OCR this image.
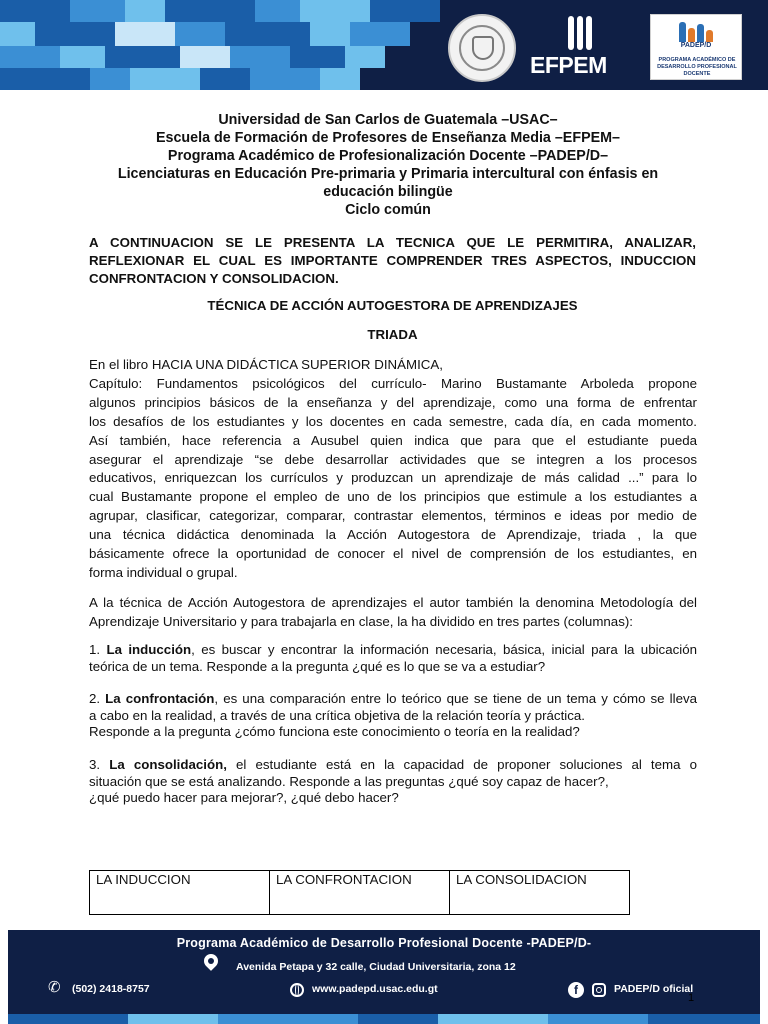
EFPEM
PADEP/D
PROGRAMA ACADÉMICO DE DESARROLLO PROFESIONAL DOCENTE
Universidad de San Carlos de Guatemala –USAC–
Escuela de Formación de Profesores de Enseñanza Media –EFPEM–
Programa Académico de Profesionalización Docente –PADEP/D–
Licenciaturas en Educación Pre-primaria y Primaria intercultural con énfasis en
educación bilingüe
Ciclo común
A CONTINUACION SE LE PRESENTA LA TECNICA QUE LE PERMITIRA, ANALIZAR, REFLEXIONAR EL CUAL ES IMPORTANTE COMPRENDER TRES ASPECTOS, INDUCCION CONFRONTACION Y CONSOLIDACION.
TÉCNICA DE ACCIÓN AUTOGESTORA DE APRENDIZAJES
TRIADA
En el libro HACIA UNA DIDÁCTICA SUPERIOR DINÁMICA,
Capítulo: Fundamentos psicológicos del currículo- Marino Bustamante Arboleda propone
algunos principios básicos de la enseñanza y del aprendizaje, como una forma de enfrentar
los desafíos de los estudiantes y los docentes en cada semestre, cada día, en cada momento.
Así también, hace referencia a Ausubel quien indica que para que el estudiante pueda
asegurar el aprendizaje “se debe desarrollar actividades que se integren a los procesos
educativos, enriquezcan los currículos y produzcan un aprendizaje de más calidad ...” para lo
cual Bustamante propone el empleo de uno de los principios que estimule a los estudiantes a
agrupar, clasificar, categorizar, comparar, contrastar elementos, términos e ideas por medio de
una técnica didáctica denominada la Acción Autogestora de Aprendizaje, triada , la que
básicamente ofrece la oportunidad de conocer el nivel de comprensión de los estudiantes, en
forma individual o grupal.
A la técnica de Acción Autogestora de aprendizajes el autor también la denomina Metodología del
Aprendizaje Universitario y para trabajarla en clase, la ha dividido en tres partes (columnas):
1. La inducción, es buscar y encontrar la información necesaria, básica, inicial para la ubicación
teórica de un tema. Responde a la pregunta ¿qué es lo que se va a estudiar?
2. La confrontación, es una comparación entre lo teórico que se tiene de un tema y cómo se lleva
a cabo en la realidad, a través de una crítica objetiva de la relación teoría y práctica.
Responde a la pregunta ¿cómo funciona este conocimiento o teoría en la realidad?
3. La consolidación, el estudiante está en la capacidad de proponer soluciones al tema o
situación que se está analizando. Responde a las preguntas ¿qué soy capaz de hacer?,
¿qué puedo hacer para mejorar?, ¿qué debo hacer?
LA INDUCCION	LA CONFRONTACION	LA CONSOLIDACION
Programa Académico de Desarrollo Profesional Docente -PADEP/D-
Avenida Petapa y 32 calle, Ciudad Universitaria, zona 12
✆ (502) 2418-8757	www.padepd.usac.edu.gt	f	PADEP/D oficial
1
